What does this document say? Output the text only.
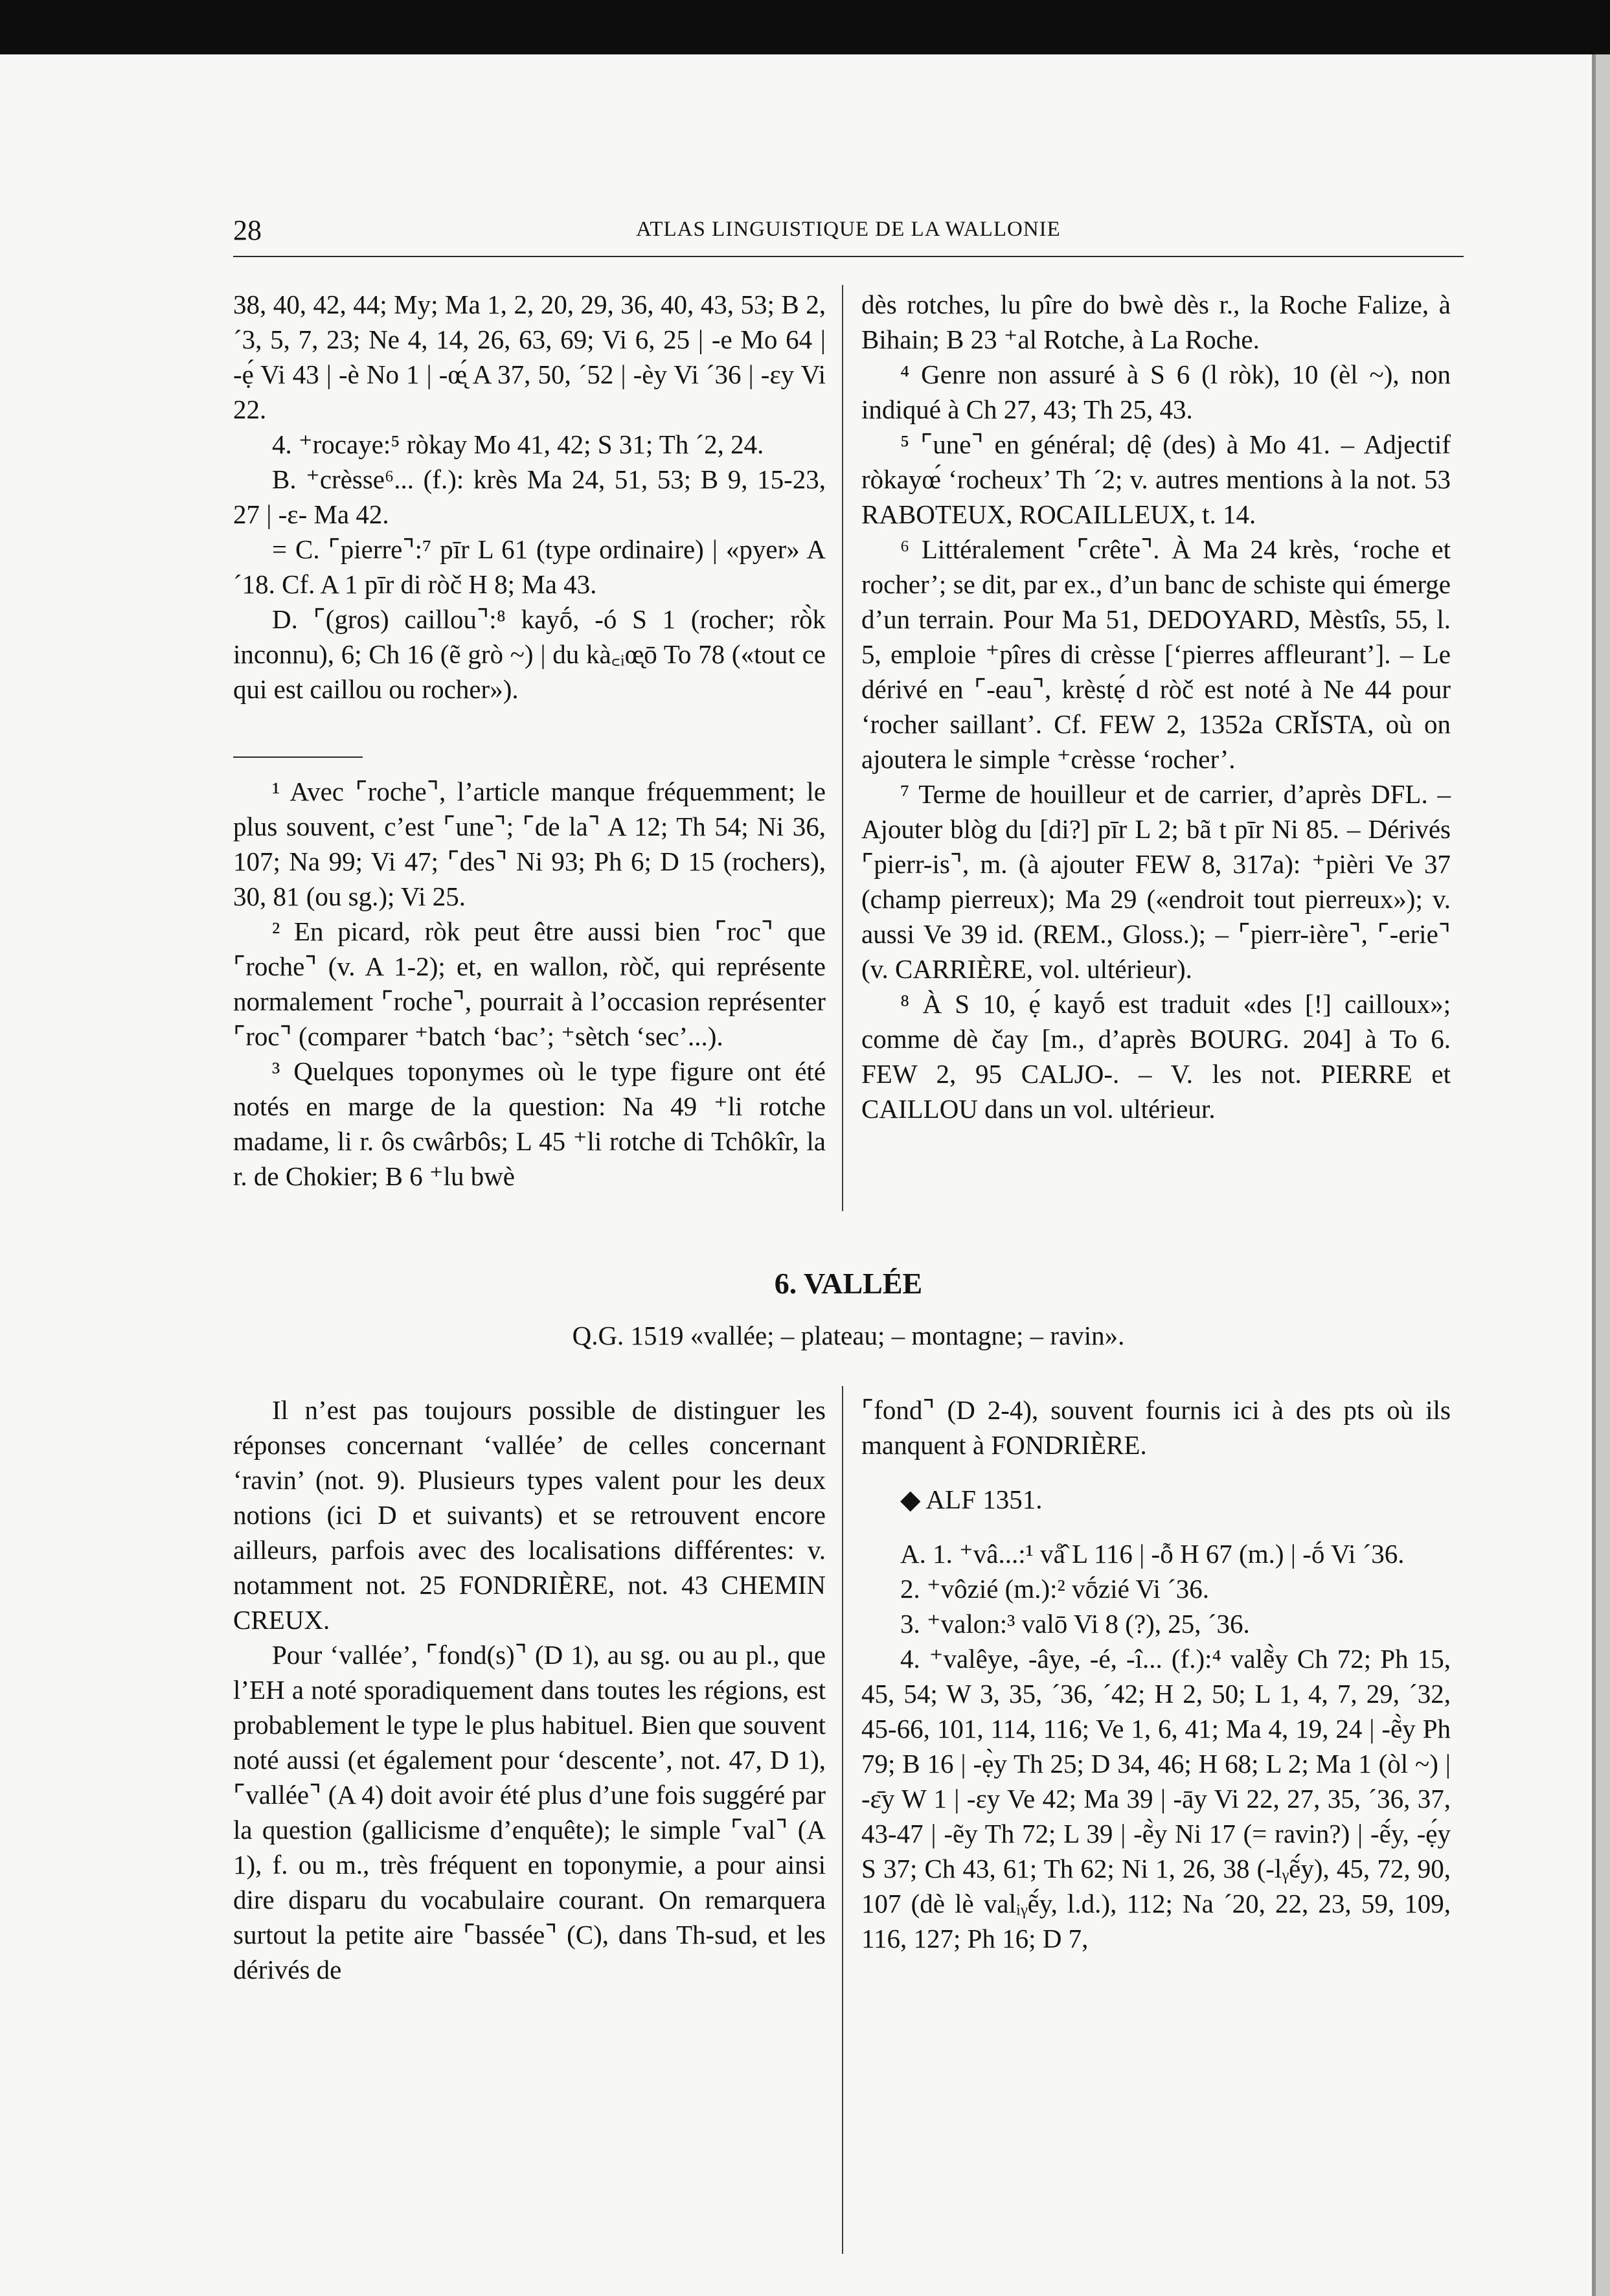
28	ATLAS LINGUISTIQUE DE LA WALLONIE

38, 40, 42, 44; My; Ma 1, 2, 20, 29, 36, 40, 43, 53; B 2, ´3, 5, 7, 23; Ne 4, 14, 26, 63, 69; Vi 6, 25 | -e Mo 64 | -ẹ́ Vi 43 | -è No 1 | -œ̨́ A 37, 50, ´52 | -èy Vi ´36 | -ɛy Vi 22.

4. ⁺rocaye:⁵ ròkay Mo 41, 42; S 31; Th ´2, 24.

B. ⁺crèsse⁶... (f.): krès Ma 24, 51, 53; B 9, 15-23, 27 | -ɛ- Ma 42.

= C. ⌜pierre⌝:⁷ pīr L 61 (type ordinaire) | «pyer» A ´18. Cf. A 1 pīr di ròč H 8; Ma 43.

D. ⌜(gros) caillou⌝:⁸ kayṓ, -ó S 1 (rocher; rò̀k inconnu), 6; Ch 16 (ẽ grò ~) | du kà꜀ᵢœ̨ō To 78 («tout ce qui est caillou ou rocher»).

¹ Avec ⌜roche⌝, l’article manque fréquemment; le plus souvent, c’est ⌜une⌝; ⌜de la⌝ A 12; Th 54; Ni 36, 107; Na 99; Vi 47; ⌜des⌝ Ni 93; Ph 6; D 15 (rochers), 30, 81 (ou sg.); Vi 25.

² En picard, ròk peut être aussi bien ⌜roc⌝ que ⌜roche⌝ (v. A 1-2); et, en wallon, ròč, qui représente normalement ⌜roche⌝, pourrait à l’occasion représenter ⌜roc⌝ (comparer ⁺batch ‘bac’; ⁺sètch ‘sec’...).

³ Quelques toponymes où le type figure ont été notés en marge de la question: Na 49 ⁺li rotche madame, li r. ôs cwârbôs; L 45 ⁺li rotche di Tchôkîr, la r. de Chokier; B 6 ⁺lu bwè

dès rotches, lu pîre do bwè dès r., la Roche Falize, à Bihain; B 23 ⁺al Rotche, à La Roche.

⁴ Genre non assuré à S 6 (l ròk), 10 (èl ~), non indiqué à Ch 27, 43; Th 25, 43.

⁵ ⌜une⌝ en général; dệ (des) à Mo 41. – Adjectif ròkayœ́ ‘rocheux’ Th ´2; v. autres mentions à la not. 53 RABOTEUX, ROCAILLEUX, t. 14.

⁶ Littéralement ⌜crête⌝. À Ma 24 krès, ‘roche et rocher’; se dit, par ex., d’un banc de schiste qui émerge d’un terrain. Pour Ma 51, DEDOYARD, Mèstîs, 55, l. 5, emploie ⁺pîres di crèsse [‘pierres affleurant’]. – Le dérivé en ⌜-eau⌝, krèstẹ́ d ròč est noté à Ne 44 pour ‘rocher saillant’. Cf. FEW 2, 1352a CRĬSTA, où on ajoutera le simple ⁺crèsse ‘rocher’.

⁷ Terme de houilleur et de carrier, d’après DFL. – Ajouter blòg du [di?] pīr L 2; bã t pīr Ni 85. – Dérivés ⌜pierr-is⌝, m. (à ajouter FEW 8, 317a): ⁺pièri Ve 37 (champ pierreux); Ma 29 («endroit tout pierreux»); v. aussi Ve 39 id. (REM., Gloss.); – ⌜pierr-ière⌝, ⌜-erie⌝ (v. CARRIÈRE, vol. ultérieur).

⁸ À S 10, ẹ́ kayṓ est traduit «des [!] cailloux»; comme dè čay [m., d’après BOURG. 204] à To 6. FEW 2, 95 CALJO-. – V. les not. PIERRE et CAILLOU dans un vol. ultérieur.

6. VALLÉE
Q.G. 1519 «vallée; – plateau; – montagne; – ravin».

Il n’est pas toujours possible de distinguer les réponses concernant ‘vallée’ de celles concernant ‘ravin’ (not. 9). Plusieurs types valent pour les deux notions (ici D et suivants) et se retrouvent encore ailleurs, parfois avec des localisations différentes: v. notamment not. 25 FONDRIÈRE, not. 43 CHEMIN CREUX.

Pour ‘vallée’, ⌜fond(s)⌝ (D 1), au sg. ou au pl., que l’EH a noté sporadiquement dans toutes les régions, est probablement le type le plus habituel. Bien que souvent noté aussi (et également pour ‘descente’, not. 47, D 1), ⌜vallée⌝ (A 4) doit avoir été plus d’une fois suggéré par la question (gallicisme d’enquête); le simple ⌜val⌝ (A 1), f. ou m., très fréquent en toponymie, a pour ainsi dire disparu du vocabulaire courant. On remarquera surtout la petite aire ⌜bassée⌝ (C), dans Th-sud, et les dérivés de

⌜fond⌝ (D 2-4), souvent fournis ici à des pts où ils manquent à FONDRIÈRE.

◆ ALF 1351.

A. 1. ⁺vâ...:¹ vå̂ L 116 | -ỗ H 67 (m.) | -ṓ Vi ´36.

2. ⁺vôzié (m.):² vṓzié Vi ´36.

3. ⁺valon:³ valō Vi 8 (?), 25, ´36.

4. ⁺valêye, -âye, -é, -î... (f.):⁴ valẽ̀y Ch 72; Ph 15, 45, 54; W 3, 35, ´36, ´42; H 2, 50; L 1, 4, 7, 29, ´32, 45-66, 101, 114, 116; Ve 1, 6, 41; Ma 4, 19, 24 | -ẽ̀y Ph 79; B 16 | -ẹ̀y Th 25; D 34, 46; H 68; L 2; Ma 1 (òl ~) | -ɛ̄y W 1 | -ɛy Ve 42; Ma 39 | -āy Vi 22, 27, 35, ´36, 37, 43-47 | -ẽy Th 72; L 39 | -ẽ̀y Ni 17 (= ravin?) | -ẽ́y, -ẹ́y S 37; Ch 43, 61; Th 62; Ni 1, 26, 38 (-lᵧẽ́y), 45, 72, 90, 107 (dè lè valᵢᵧẽ́y, l.d.), 112; Na ´20, 22, 23, 59, 109, 116, 127; Ph 16; D 7,
